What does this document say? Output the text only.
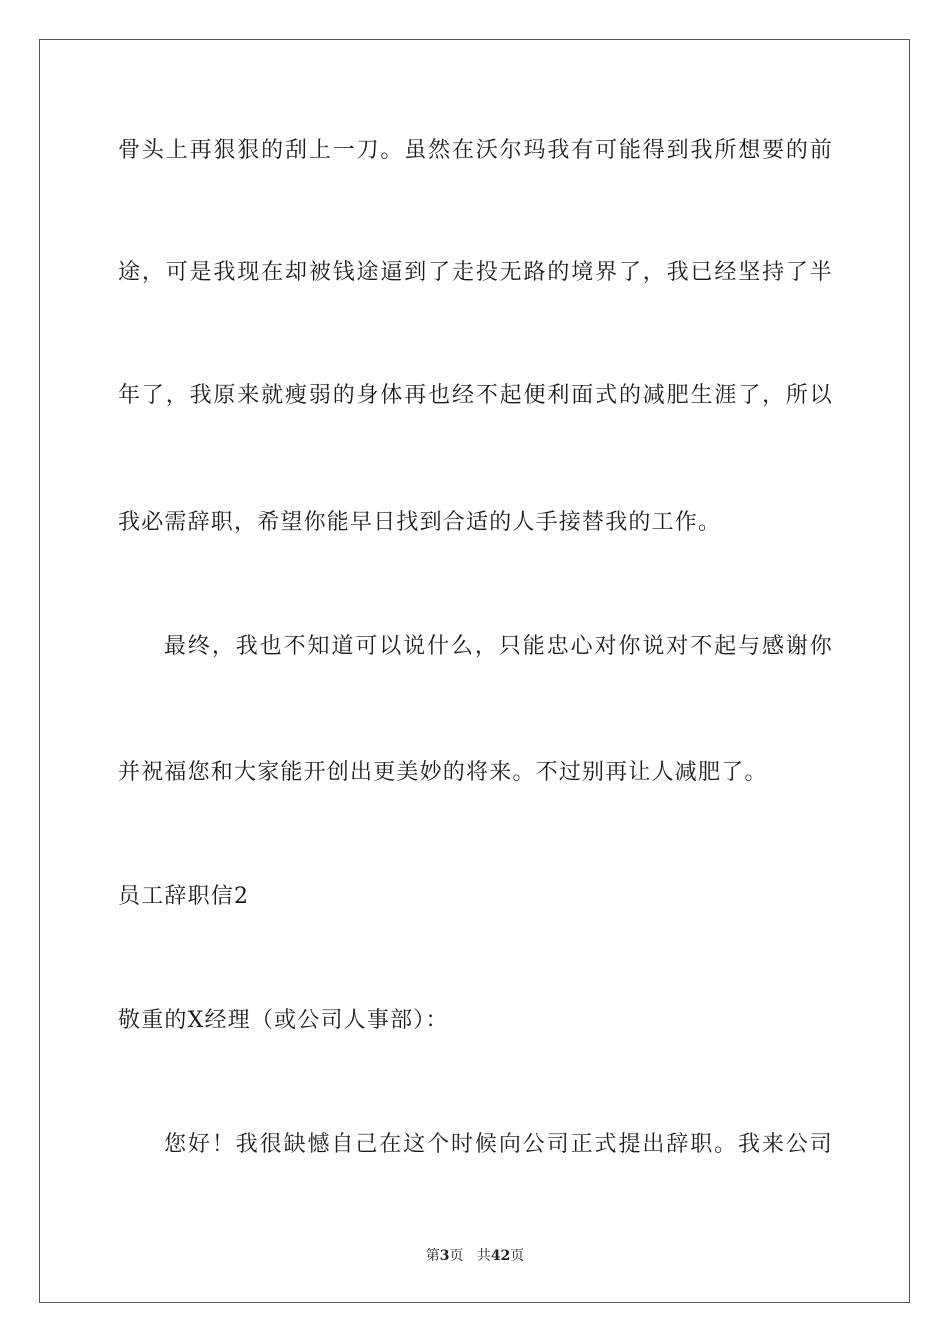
骨头上再狠狠的刮上一刀。虽然在沃尔玛我有可能得到我所想要的前
途，可是我现在却被钱途逼到了走投无路的境界了，我已经坚持了半
年了，我原来就瘦弱的身体再也经不起便利面式的减肥生涯了，所以
我必需辞职，希望你能早日找到合适的人手接替我的工作。
最终，我也不知道可以说什么，只能忠心对你说对不起与感谢你
并祝福您和大家能开创出更美妙的将来。不过别再让人减肥了。
员工辞职信2
敬重的X经理（或公司人事部）：
您好！我很缺憾自己在这个时候向公司正式提出辞职。我来公司
第3页 共42页
